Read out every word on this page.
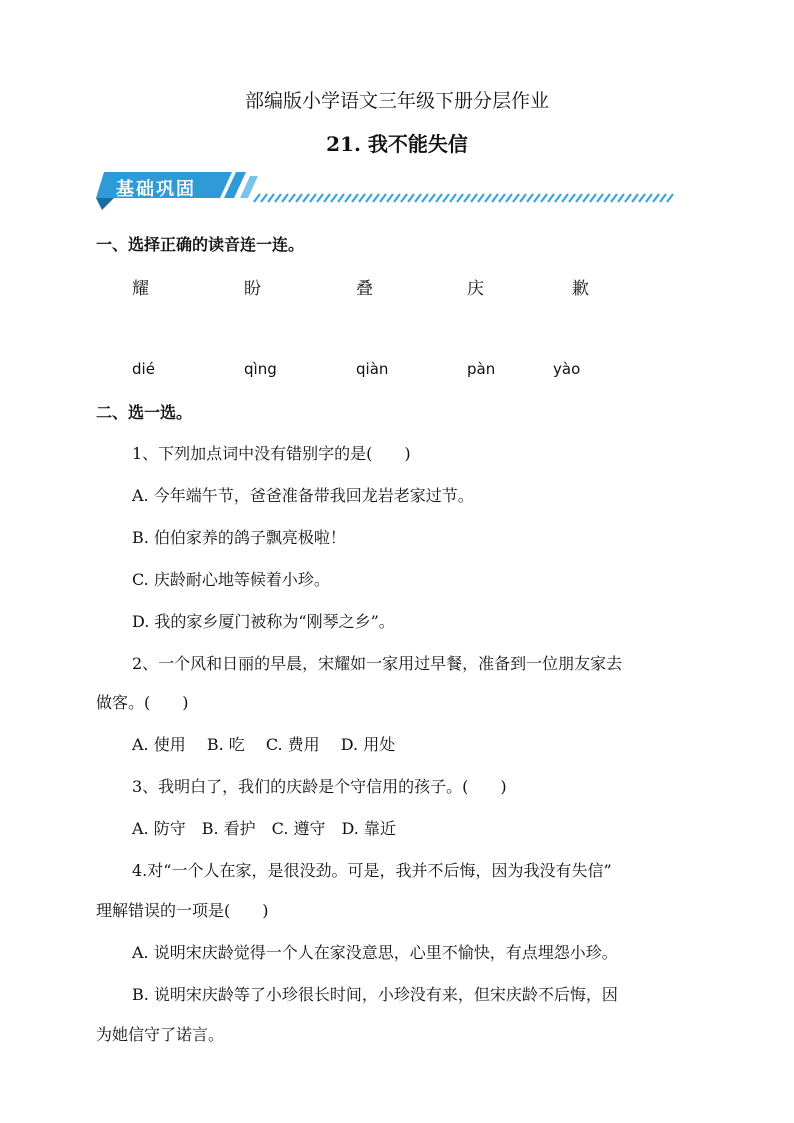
部编版小学语文三年级下册分层作业
21. 我不能失信
基础巩固
一、选择正确的读音连一连。
耀	盼	叠	庆	歉
dié	qìng	qiàn	pàn	yào
二、选一选。
1、下列加点词中没有错别字的是(　　)
A. 今年端午节，爸爸准备带我回龙岩老家过节。
B. 伯伯家养的鸽子飘亮极啦！
C. 庆龄耐心地等候着小珍。
D. 我的家乡厦门被称为“刚琴之乡”。
2、一个风和日丽的早晨，宋耀如一家用过早餐，准备到一位朋友家去
做客。(　　)
A. 使用　 B. 吃　 C. 费用　 D. 用处
3、我明白了，我们的庆龄是个守信用的孩子。(　　)
A. 防守　B. 看护　C. 遵守　D. 靠近
4.对“一个人在家，是很没劲。可是，我并不后悔，因为我没有失信”
理解错误的一项是(　　)
A. 说明宋庆龄觉得一个人在家没意思，心里不愉快，有点埋怨小珍。
B. 说明宋庆龄等了小珍很长时间，小珍没有来，但宋庆龄不后悔，因
为她信守了诺言。
